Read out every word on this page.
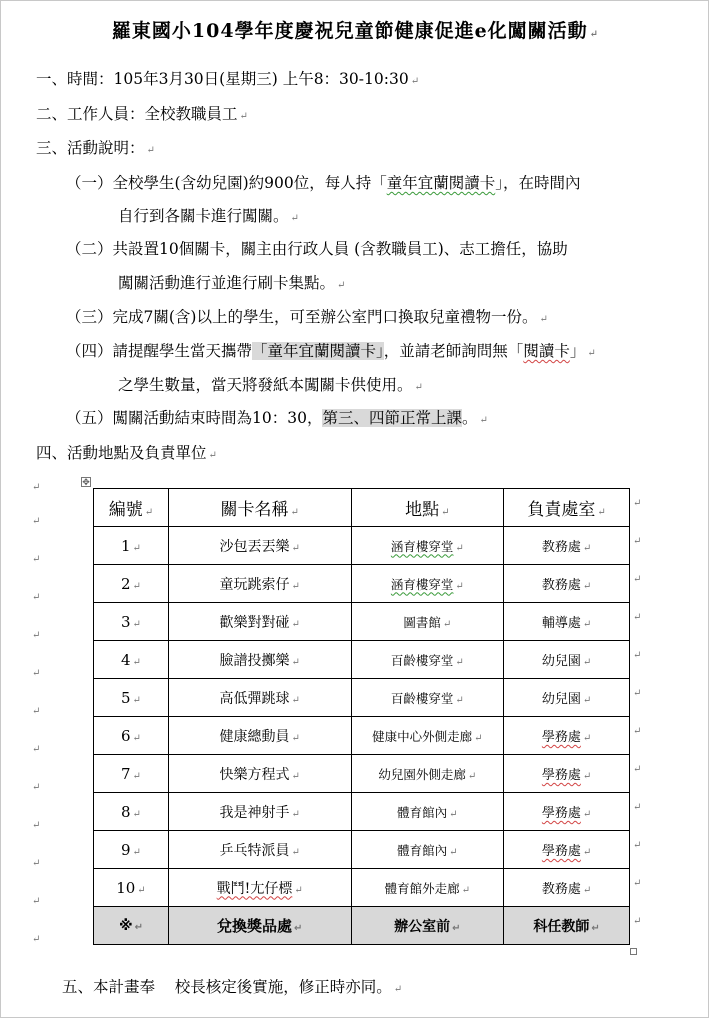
羅東國小104學年度慶祝兒童節健康促進e化闖關活動 ↵
一、時間：105年3月30日(星期三) 上午8：30-10:30 ↵
二、工作人員：全校教職員工 ↵
三、活動說明： ↵
（一）全校學生(含幼兒園)約900位，每人持「童年宜蘭閱讀卡」，在時間內
自行到各關卡進行闖關。 ↵
（二）共設置10個關卡，關主由行政人員 (含教職員工)、志工擔任，協助
闖關活動進行並進行刷卡集點。 ↵
（三）完成7關(含)以上的學生，可至辦公室門口換取兒童禮物一份。 ↵
（四）請提醒學生當天攜帶「童年宜蘭閱讀卡」，並請老師詢問無「閱讀卡」 ↵
之學生數量，當天將發紙本闖關卡供使用。 ↵
（五）闖關活動結束時間為10：30，第三、四節正常上課。 ↵
四、活動地點及負責單位 ↵
↵
↵
↵
↵
↵
↵
↵
↵
↵
↵
↵
↵
↵
✥
編號 ↵	關卡名稱 ↵	地點 ↵	負責處室 ↵
1 ↵	沙包丟丟樂 ↵	涵育樓穿堂 ↵	教務處 ↵
2 ↵	童玩跳索仔 ↵	涵育樓穿堂 ↵	教務處 ↵
3 ↵	歡樂對對碰 ↵	圖書館 ↵	輔導處 ↵
4 ↵	臉譜投擲樂 ↵	百齡樓穿堂 ↵	幼兒園 ↵
5 ↵	高低彈跳球 ↵	百齡樓穿堂 ↵	幼兒園 ↵
6 ↵	健康總動員 ↵	健康中心外側走廊 ↵	學務處 ↵
7 ↵	快樂方程式 ↵	幼兒園外側走廊 ↵	學務處 ↵
8 ↵	我是神射手 ↵	體育館內 ↵	學務處 ↵
9 ↵	乒乓特派員 ↵	體育館內 ↵	學務處 ↵
10 ↵	戰鬥!尢仔標 ↵	體育館外走廊 ↵	教務處 ↵
※ ↵	兌換獎品處 ↵	辦公室前 ↵	科任教師 ↵
↵
↵
↵
↵
↵
↵
↵
↵
↵
↵
↵
↵
五、本計畫奉 校長核定後實施，修正時亦同。 ↵
